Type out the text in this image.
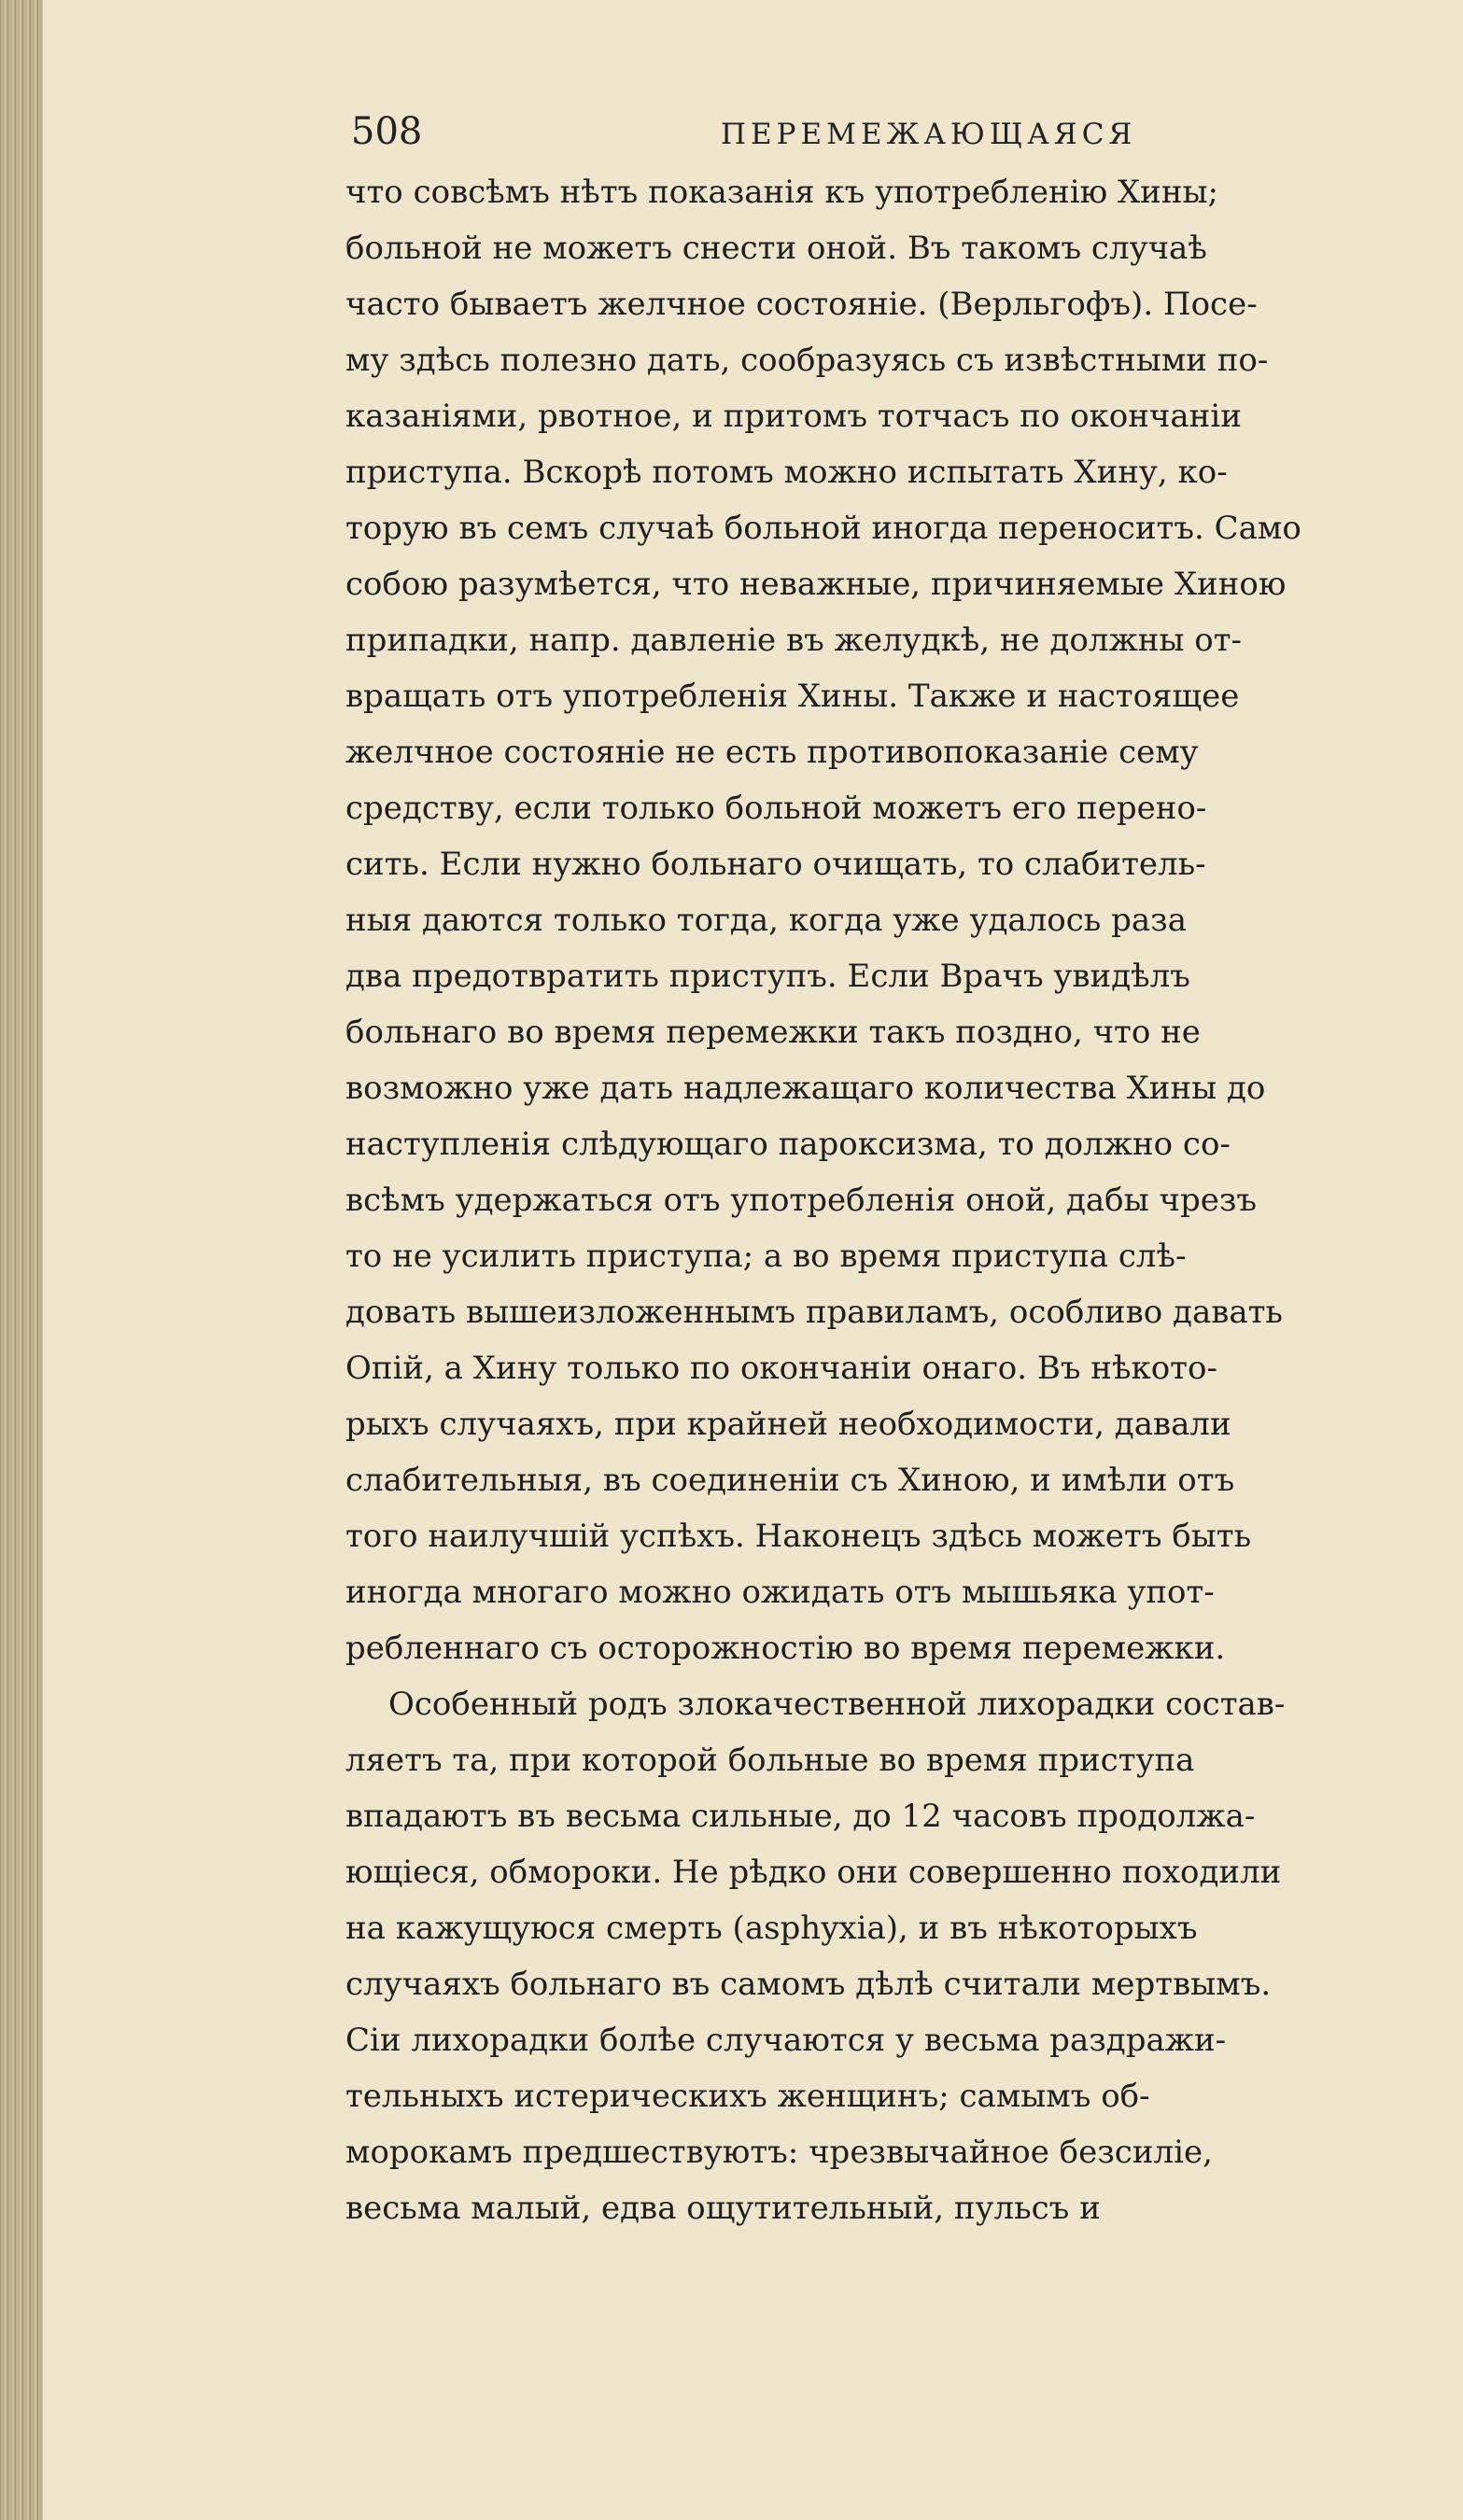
508	ПЕРЕМЕЖАЮЩАЯСЯ
что совсѣмъ нѣтъ показанія къ употребленію Хины;
больной не можетъ снести оной. Въ такомъ случаѣ
часто бываетъ желчное состояніе. (Верльгофъ). Посе-
му здѣсь полезно дать, сообразуясь съ извѣстными по-
казаніями, рвотное, и притомъ тотчасъ по окончаніи
приступа. Вскорѣ потомъ можно испытать Хину, ко-
торую въ семъ случаѣ больной иногда переноситъ. Само
собою разумѣется, что неважные, причиняемые Хиною
припадки, напр. давленіе въ желудкѣ, не должны от-
вращать отъ употребленія Хины. Также и настоящее
желчное состояніе не есть противопоказаніе сему
средству, если только больной можетъ его перено-
сить. Если нужно больнаго очищать, то слабитель-
ныя даются только тогда, когда уже удалось раза
два предотвратить приступъ. Если Врачъ увидѣлъ
больнаго во время перемежки такъ поздно, что не
возможно уже дать надлежащаго количества Хины до
наступленія слѣдующаго пароксизма, то должно со-
всѣмъ удержаться отъ употребленія оной, дабы чрезъ
то не усилить приступа; а во время приступа слѣ-
довать вышеизложеннымъ правиламъ, особливо давать
Опій, а Хину только по окончаніи онаго. Въ нѣкото-
рыхъ случаяхъ, при крайней необходимости, давали
слабительныя, въ соединеніи съ Хиною, и имѣли отъ
того наилучшій успѣхъ. Наконецъ здѣсь можетъ быть
иногда многаго можно ожидать отъ мышьяка упот-
ребленнаго съ осторожностію во время перемежки.
Особенный родъ злокачественной лихорадки состав-
ляетъ та, при которой больные во время приступа
впадаютъ въ весьма сильные, до 12 часовъ продолжа-
ющіеся, обмороки. Не рѣдко они совершенно походили
на кажущуюся смерть (asphyxia), и въ нѣкоторыхъ
случаяхъ больнаго въ самомъ дѣлѣ считали мертвымъ.
Сіи лихорадки болѣе случаются у весьма раздражи-
тельныхъ истерическихъ женщинъ; самымъ об-
морокамъ предшествуютъ: чрезвычайное безсиліе,
весьма малый, едва ощутительный, пульсъ и
